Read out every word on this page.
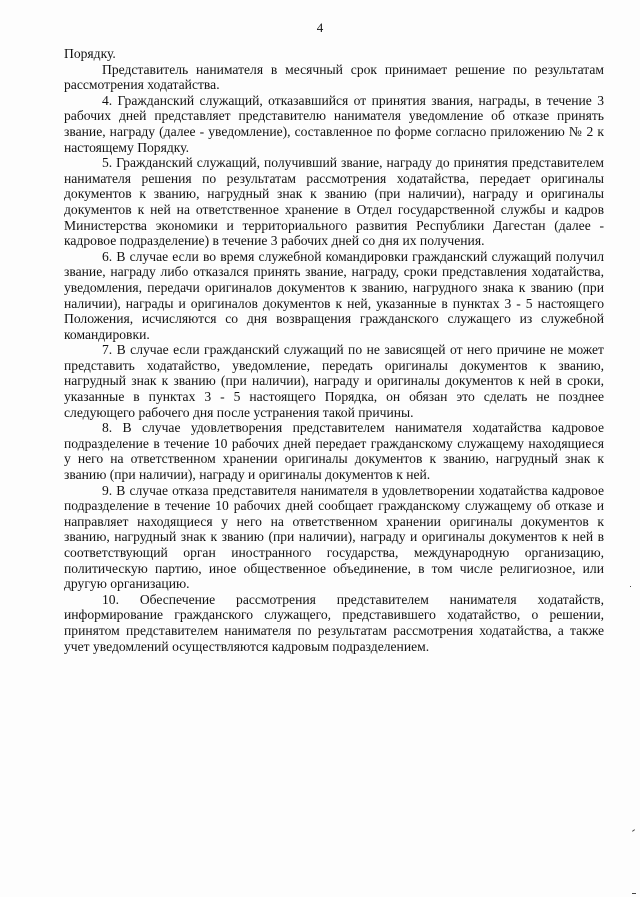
4

Порядку.

Представитель нанимателя в месячный срок принимает решение по результатам рассмотрения ходатайства.

4. Гражданский служащий, отказавшийся от принятия звания, награды, в течение 3 рабочих дней представляет представителю нанимателя уведомление об отказе принять звание, награду (далее - уведомление), составленное по форме согласно приложению № 2 к настоящему Порядку.

5. Гражданский служащий, получивший звание, награду до принятия представителем нанимателя решения по результатам рассмотрения ходатайства, передает оригиналы документов к званию, нагрудный знак к званию (при наличии), награду и оригиналы документов к ней на ответственное хранение в Отдел государственной службы и кадров Министерства экономики и территориального развития Республики Дагестан (далее - кадровое подразделение) в течение 3 рабочих дней со дня их получения.

6. В случае если во время служебной командировки гражданский служащий получил звание, награду либо отказался принять звание, награду, сроки представления ходатайства, уведомления, передачи оригиналов документов к званию, нагрудного знака к званию (при наличии), награды и оригиналов документов к ней, указанные в пунктах 3 - 5 настоящего Положения, исчисляются со дня возвращения гражданского служащего из служебной командировки.

7. В случае если гражданский служащий по не зависящей от него причине не может представить ходатайство, уведомление, передать оригиналы документов к званию, нагрудный знак к званию (при наличии), награду и оригиналы документов к ней в сроки, указанные в пунктах 3 - 5 настоящего Порядка, он обязан это сделать не позднее следующего рабочего дня после устранения такой причины.

8. В случае удовлетворения представителем нанимателя ходатайства кадровое подразделение в течение 10 рабочих дней передает гражданскому служащему находящиеся у него на ответственном хранении оригиналы документов к званию, нагрудный знак к званию (при наличии), награду и оригиналы документов к ней.

9. В случае отказа представителя нанимателя в удовлетворении ходатайства кадровое подразделение в течение 10 рабочих дней сообщает гражданскому служащему об отказе и направляет находящиеся у него на ответственном хранении оригиналы документов к званию, нагрудный знак к званию (при наличии), награду и оригиналы документов к ней в соответствующий орган иностранного государства, международную организацию, политическую партию, иное общественное объединение, в том числе религиозное, или другую организацию.

10. Обеспечение рассмотрения представителем нанимателя ходатайств, информирование гражданского служащего, представившего ходатайство, о решении, принятом представителем нанимателя по результатам рассмотрения ходатайства, а также учет уведомлений осуществляются кадровым подразделением.
